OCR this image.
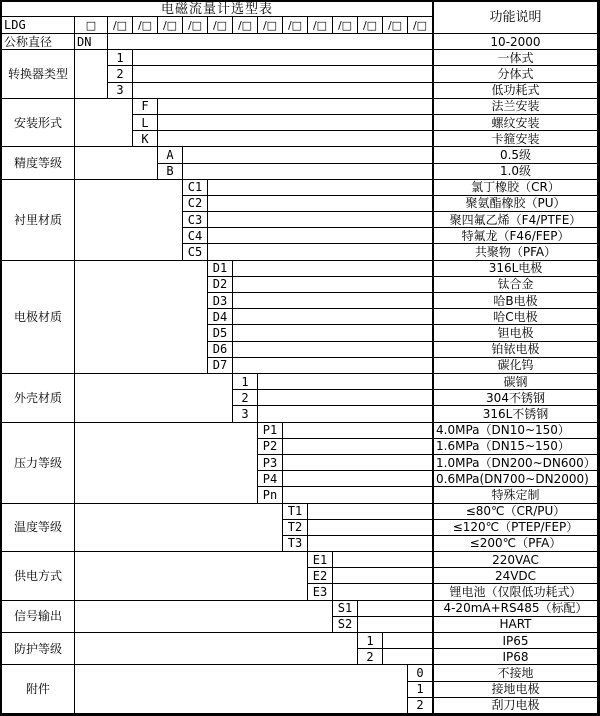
电磁流量计选型表
功能说明
LDG	□	/□ /□ /□ /□ /□ /□ /□ /□ /□ /□ /□ /□ /□
公称直径	DN	10-2000
转换器类型
1	一体式
2	分体式
3	低功耗式
安装形式
F	法兰安装
L	螺纹安装
K	卡箍安装
精度等级
A	0.5级
B	1.0级
衬里材质
C1	氯丁橡胶（CR）
C2	聚氨酯橡胶（PU）
C3	聚四氟乙烯（F4/PTFE）
C4	特氟龙（F46/FEP）
C5	共聚物（PFA）
电极材质
D1	316L电极
D2	钛合金
D3	哈B电极
D4	哈C电极
D5	钽电极
D6	铂铱电极
D7	碳化钨
外壳材质
1	碳钢
2	304不锈钢
3	316L不锈钢
压力等级
P1	4.0MPa（DN10~150）
P2	1.6MPa（DN15~150）
P3	1.0MPa（DN200~DN600）
P4	0.6MPa(DN700~DN2000)
Pn	特殊定制
温度等级
T1	≤80℃（CR/PU）
T2	≤120℃（PTEP/FEP）
T3	≤200℃（PFA）
供电方式
E1	220VAC
E2	24VDC
E3	锂电池（仅限低功耗式）
信号输出
S1	4-20mA+RS485（标配）
S2	HART
防护等级
1	IP65
2	IP68
附件
0	不接地
1	接地电极
2	刮刀电极
